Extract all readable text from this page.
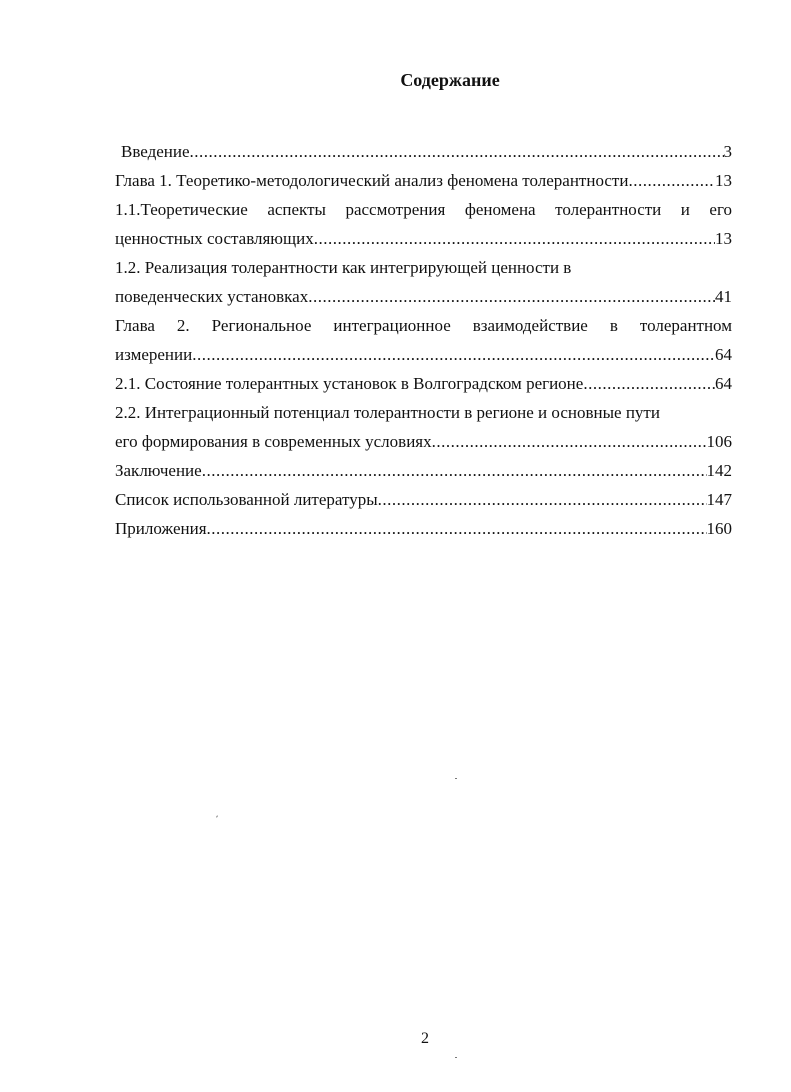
Содержание
Введение .....	3
Глава 1. Теоретико-методологический анализ феномена толерантности .....	13
1.1.Теоретические аспекты рассмотрения феномена толерантности и его
ценностных составляющих .....	13
1.2. Реализация толерантности как интегрирующей ценности в
поведенческих установках .....	41
Глава 2. Региональное интеграционное взаимодействие в толерантном
измерении .....	64
2.1. Состояние толерантных установок в Волгоградском регионе .....	64
2.2. Интеграционный потенциал толерантности в регионе и основные пути
его формирования в современных условиях .....	106
Заключение .....	142
Список использованной литературы .....	147
Приложения .....	160
2
